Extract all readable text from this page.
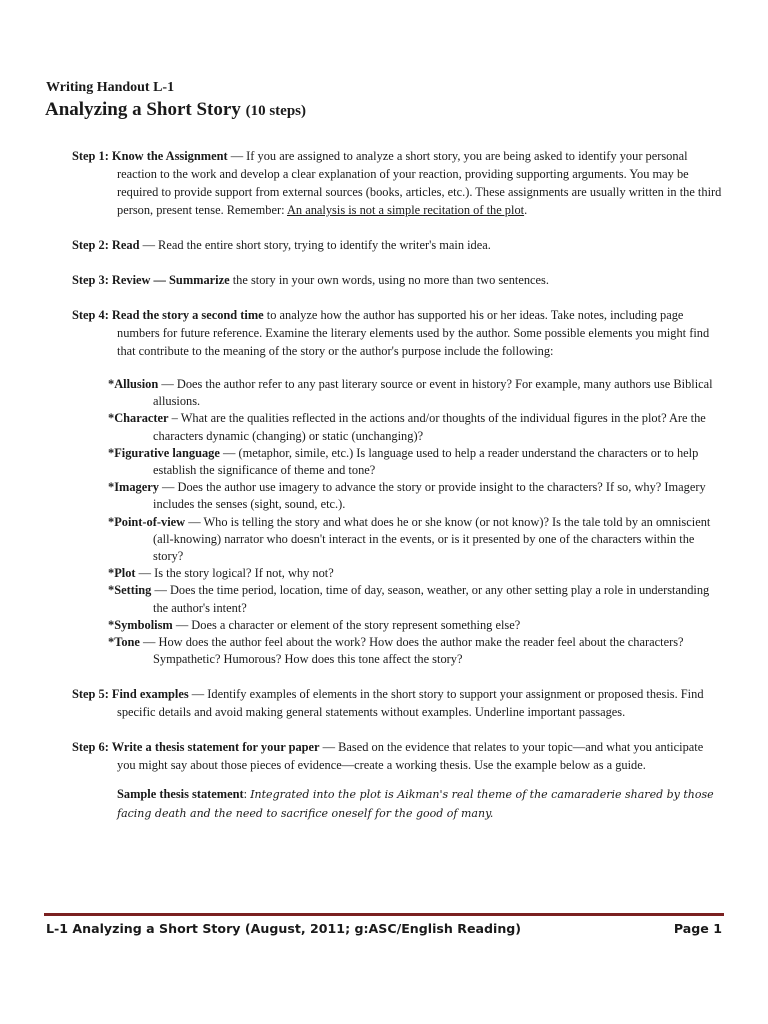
Writing Handout L-1
Analyzing a Short Story (10 steps)

Step 1: Know the Assignment — If you are assigned to analyze a short story, you are being asked to identify your personal reaction to the work and develop a clear explanation of your reaction, providing supporting arguments. You may be required to provide support from external sources (books, articles, etc.). These assignments are usually written in the third person, present tense. Remember: An analysis is not a simple recitation of the plot.

Step 2: Read — Read the entire short story, trying to identify the writer's main idea.

Step 3: Review — Summarize the story in your own words, using no more than two sentences.

Step 4: Read the story a second time to analyze how the author has supported his or her ideas. Take notes, including page numbers for future reference. Examine the literary elements used by the author. Some possible elements you might find that contribute to the meaning of the story or the author's purpose include the following:

*Allusion — Does the author refer to any past literary source or event in history? For example, many authors use Biblical allusions.
*Character – What are the qualities reflected in the actions and/or thoughts of the individual figures in the plot? Are the characters dynamic (changing) or static (unchanging)?
*Figurative language — (metaphor, simile, etc.) Is language used to help a reader understand the characters or to help establish the significance of theme and tone?
*Imagery — Does the author use imagery to advance the story or provide insight to the characters? If so, why? Imagery includes the senses (sight, sound, etc.).
*Point-of-view — Who is telling the story and what does he or she know (or not know)? Is the tale told by an omniscient (all-knowing) narrator who doesn't interact in the events, or is it presented by one of the characters within the story?
*Plot — Is the story logical? If not, why not?
*Setting — Does the time period, location, time of day, season, weather, or any other setting play a role in understanding the author's intent?
*Symbolism — Does a character or element of the story represent something else?
*Tone — How does the author feel about the work? How does the author make the reader feel about the characters? Sympathetic? Humorous? How does this tone affect the story?

Step 5: Find examples — Identify examples of elements in the short story to support your assignment or proposed thesis. Find specific details and avoid making general statements without examples. Underline important passages.

Step 6: Write a thesis statement for your paper — Based on the evidence that relates to your topic—and what you anticipate you might say about those pieces of evidence—create a working thesis. Use the example below as a guide.

Sample thesis statement: Integrated into the plot is Aikman's real theme of the camaraderie shared by those facing death and the need to sacrifice oneself for the good of many.

L-1 Analyzing a Short Story (August, 2011; g:ASC/English Reading)	Page 1
